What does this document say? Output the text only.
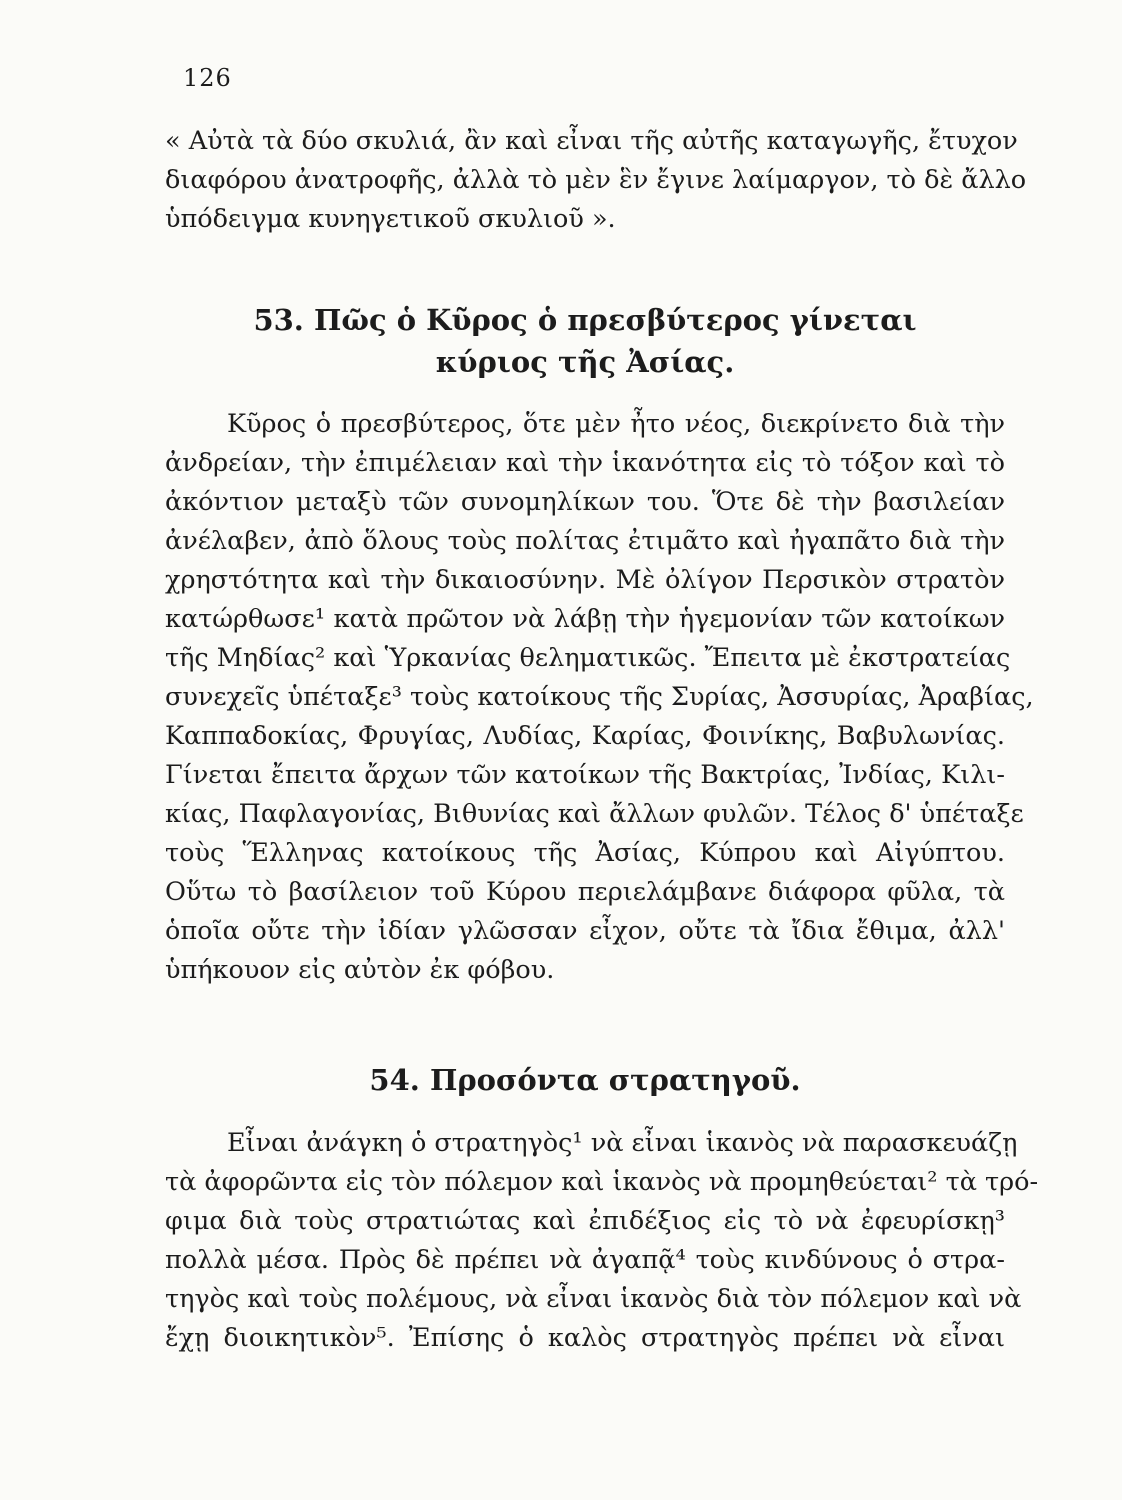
126
« Αὐτὰ τὰ δύο σκυλιά, ἂν καὶ εἶναι τῆς αὐτῆς καταγωγῆς, ἔτυχον
διαφόρου ἀνατροφῆς, ἀλλὰ τὸ μὲν ἓν ἔγινε λαίμαργον, τὸ δὲ ἄλλο
ὑπόδειγμα κυνηγετικοῦ σκυλιοῦ ».
53. Πῶς ὁ Κῦρος ὁ πρεσβύτερος γίνεται
κύριος τῆς Ἀσίας.
Κῦρος ὁ πρεσβύτερος, ὅτε μὲν ἦτο νέος, διεκρίνετο διὰ τὴν
ἀνδρείαν, τὴν ἐπιμέλειαν καὶ τὴν ἱκανότητα εἰς τὸ τόξον καὶ τὸ
ἀκόντιον μεταξὺ τῶν συνομηλίκων του. Ὅτε δὲ τὴν βασιλείαν
ἀνέλαβεν, ἀπὸ ὅλους τοὺς πολίτας ἐτιμᾶτο καὶ ἠγαπᾶτο διὰ τὴν
χρηστότητα καὶ τὴν δικαιοσύνην. Μὲ ὀλίγον Περσικὸν στρατὸν
κατώρθωσε¹ κατὰ πρῶτον νὰ λάβῃ τὴν ἡγεμονίαν τῶν κατοίκων
τῆς Μηδίας² καὶ Ὑρκανίας θεληματικῶς. Ἔπειτα μὲ ἐκστρατείας
συνεχεῖς ὑπέταξε³ τοὺς κατοίκους τῆς Συρίας, Ἀσσυρίας, Ἀραβίας,
Καππαδοκίας, Φρυγίας, Λυδίας, Καρίας, Φοινίκης, Βαβυλωνίας.
Γίνεται ἔπειτα ἄρχων τῶν κατοίκων τῆς Βακτρίας, Ἰνδίας, Κιλι-
κίας, Παφλαγονίας, Βιθυνίας καὶ ἄλλων φυλῶν. Τέλος δ' ὑπέταξε
τοὺς Ἕλληνας κατοίκους τῆς Ἀσίας, Κύπρου καὶ Αἰγύπτου.
Οὕτω τὸ βασίλειον τοῦ Κύρου περιελάμβανε διάφορα φῦλα, τὰ
ὁποῖα οὔτε τὴν ἰδίαν γλῶσσαν εἶχον, οὔτε τὰ ἴδια ἔθιμα, ἀλλ'
ὑπήκουον εἰς αὐτὸν ἐκ φόβου.
54. Προσόντα στρατηγοῦ.
Εἶναι ἀνάγκη ὁ στρατηγὸς¹ νὰ εἶναι ἱκανὸς νὰ παρασκευάζῃ
τὰ ἀφορῶντα εἰς τὸν πόλεμον καὶ ἱκανὸς νὰ προμηθεύεται² τὰ τρό-
φιμα διὰ τοὺς στρατιώτας καὶ ἐπιδέξιος εἰς τὸ νὰ ἐφευρίσκῃ³
πολλὰ μέσα. Πρὸς δὲ πρέπει νὰ ἀγαπᾷ⁴ τοὺς κινδύνους ὁ στρα-
τηγὸς καὶ τοὺς πολέμους, νὰ εἶναι ἱκανὸς διὰ τὸν πόλεμον καὶ νὰ
ἔχῃ διοικητικὸν⁵. Ἐπίσης ὁ καλὸς στρατηγὸς πρέπει νὰ εἶναι
